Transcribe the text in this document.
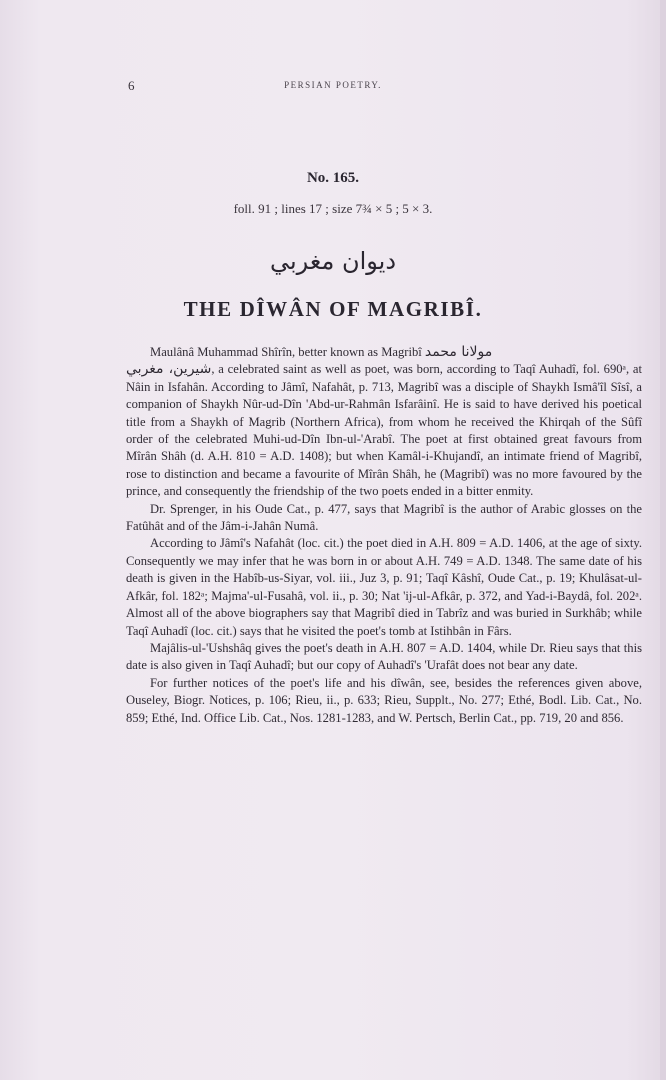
6	PERSIAN POETRY.
No. 165.
foll. 91 ; lines 17 ; size 7¾ × 5 ; 5 × 3.
ديوان مغربي
THE DÎWÂN OF MAGRIBÎ.

Maulânâ Muhammad Shîrîn, better known as Magribî مولانا محمد
شيرين، مغربي, a celebrated saint as well as poet, was born, according to Taqî Auhadî, fol. 690ᵃ, at Nâin in Isfahân. According to Jâmî, Nafahât, p. 713, Magribî was a disciple of Shaykh Ismâ'îl Sîsî, a companion of Shaykh Nûr-ud-Dîn 'Abd-ur-Rahmân Isfarâinî. He is said to have derived his poetical title from a Shaykh of Magrib (Northern Africa), from whom he received the Khirqah of the Sûfî order of the celebrated Muhi-ud-Dîn Ibn-ul-'Arabî. The poet at first obtained great favours from Mîrân Shâh (d. A.H. 810 = A.D. 1408); but when Kamâl-i-Khujandî, an intimate friend of Magribî, rose to distinction and became a favourite of Mîrân Shâh, he (Magribî) was no more favoured by the prince, and consequently the friendship of the two poets ended in a bitter enmity.

Dr. Sprenger, in his Oude Cat., p. 477, says that Magribî is the author of Arabic glosses on the Fatûhât and of the Jâm-i-Jahân Numâ.

According to Jâmî's Nafahât (loc. cit.) the poet died in A.H. 809 = A.D. 1406, at the age of sixty. Consequently we may infer that he was born in or about A.H. 749 = A.D. 1348. The same date of his death is given in the Habîb-us-Siyar, vol. iii., Juz 3, p. 91; Taqî Kâshî, Oude Cat., p. 19; Khulâsat-ul-Afkâr, fol. 182ᵃ; Majma'-ul-Fusahâ, vol. ii., p. 30; Nat 'ij-ul-Afkâr, p. 372, and Yad-i-Baydâ, fol. 202ᵃ. Almost all of the above biographers say that Magribî died in Tabrîz and was buried in Surkhâb; while Taqî Auhadî (loc. cit.) says that he visited the poet's tomb at Istihbân in Fârs.

Majâlis-ul-'Ushshâq gives the poet's death in A.H. 807 = A.D. 1404, while Dr. Rieu says that this date is also given in Taqî Auhadî; but our copy of Auhadî's 'Urafât does not bear any date.

For further notices of the poet's life and his dîwân, see, besides the references given above, Ouseley, Biogr. Notices, p. 106; Rieu, ii., p. 633; Rieu, Supplt., No. 277; Ethé, Bodl. Lib. Cat., No. 859; Ethé, Ind. Office Lib. Cat., Nos. 1281-1283, and W. Pertsch, Berlin Cat., pp. 719, 20 and 856.
